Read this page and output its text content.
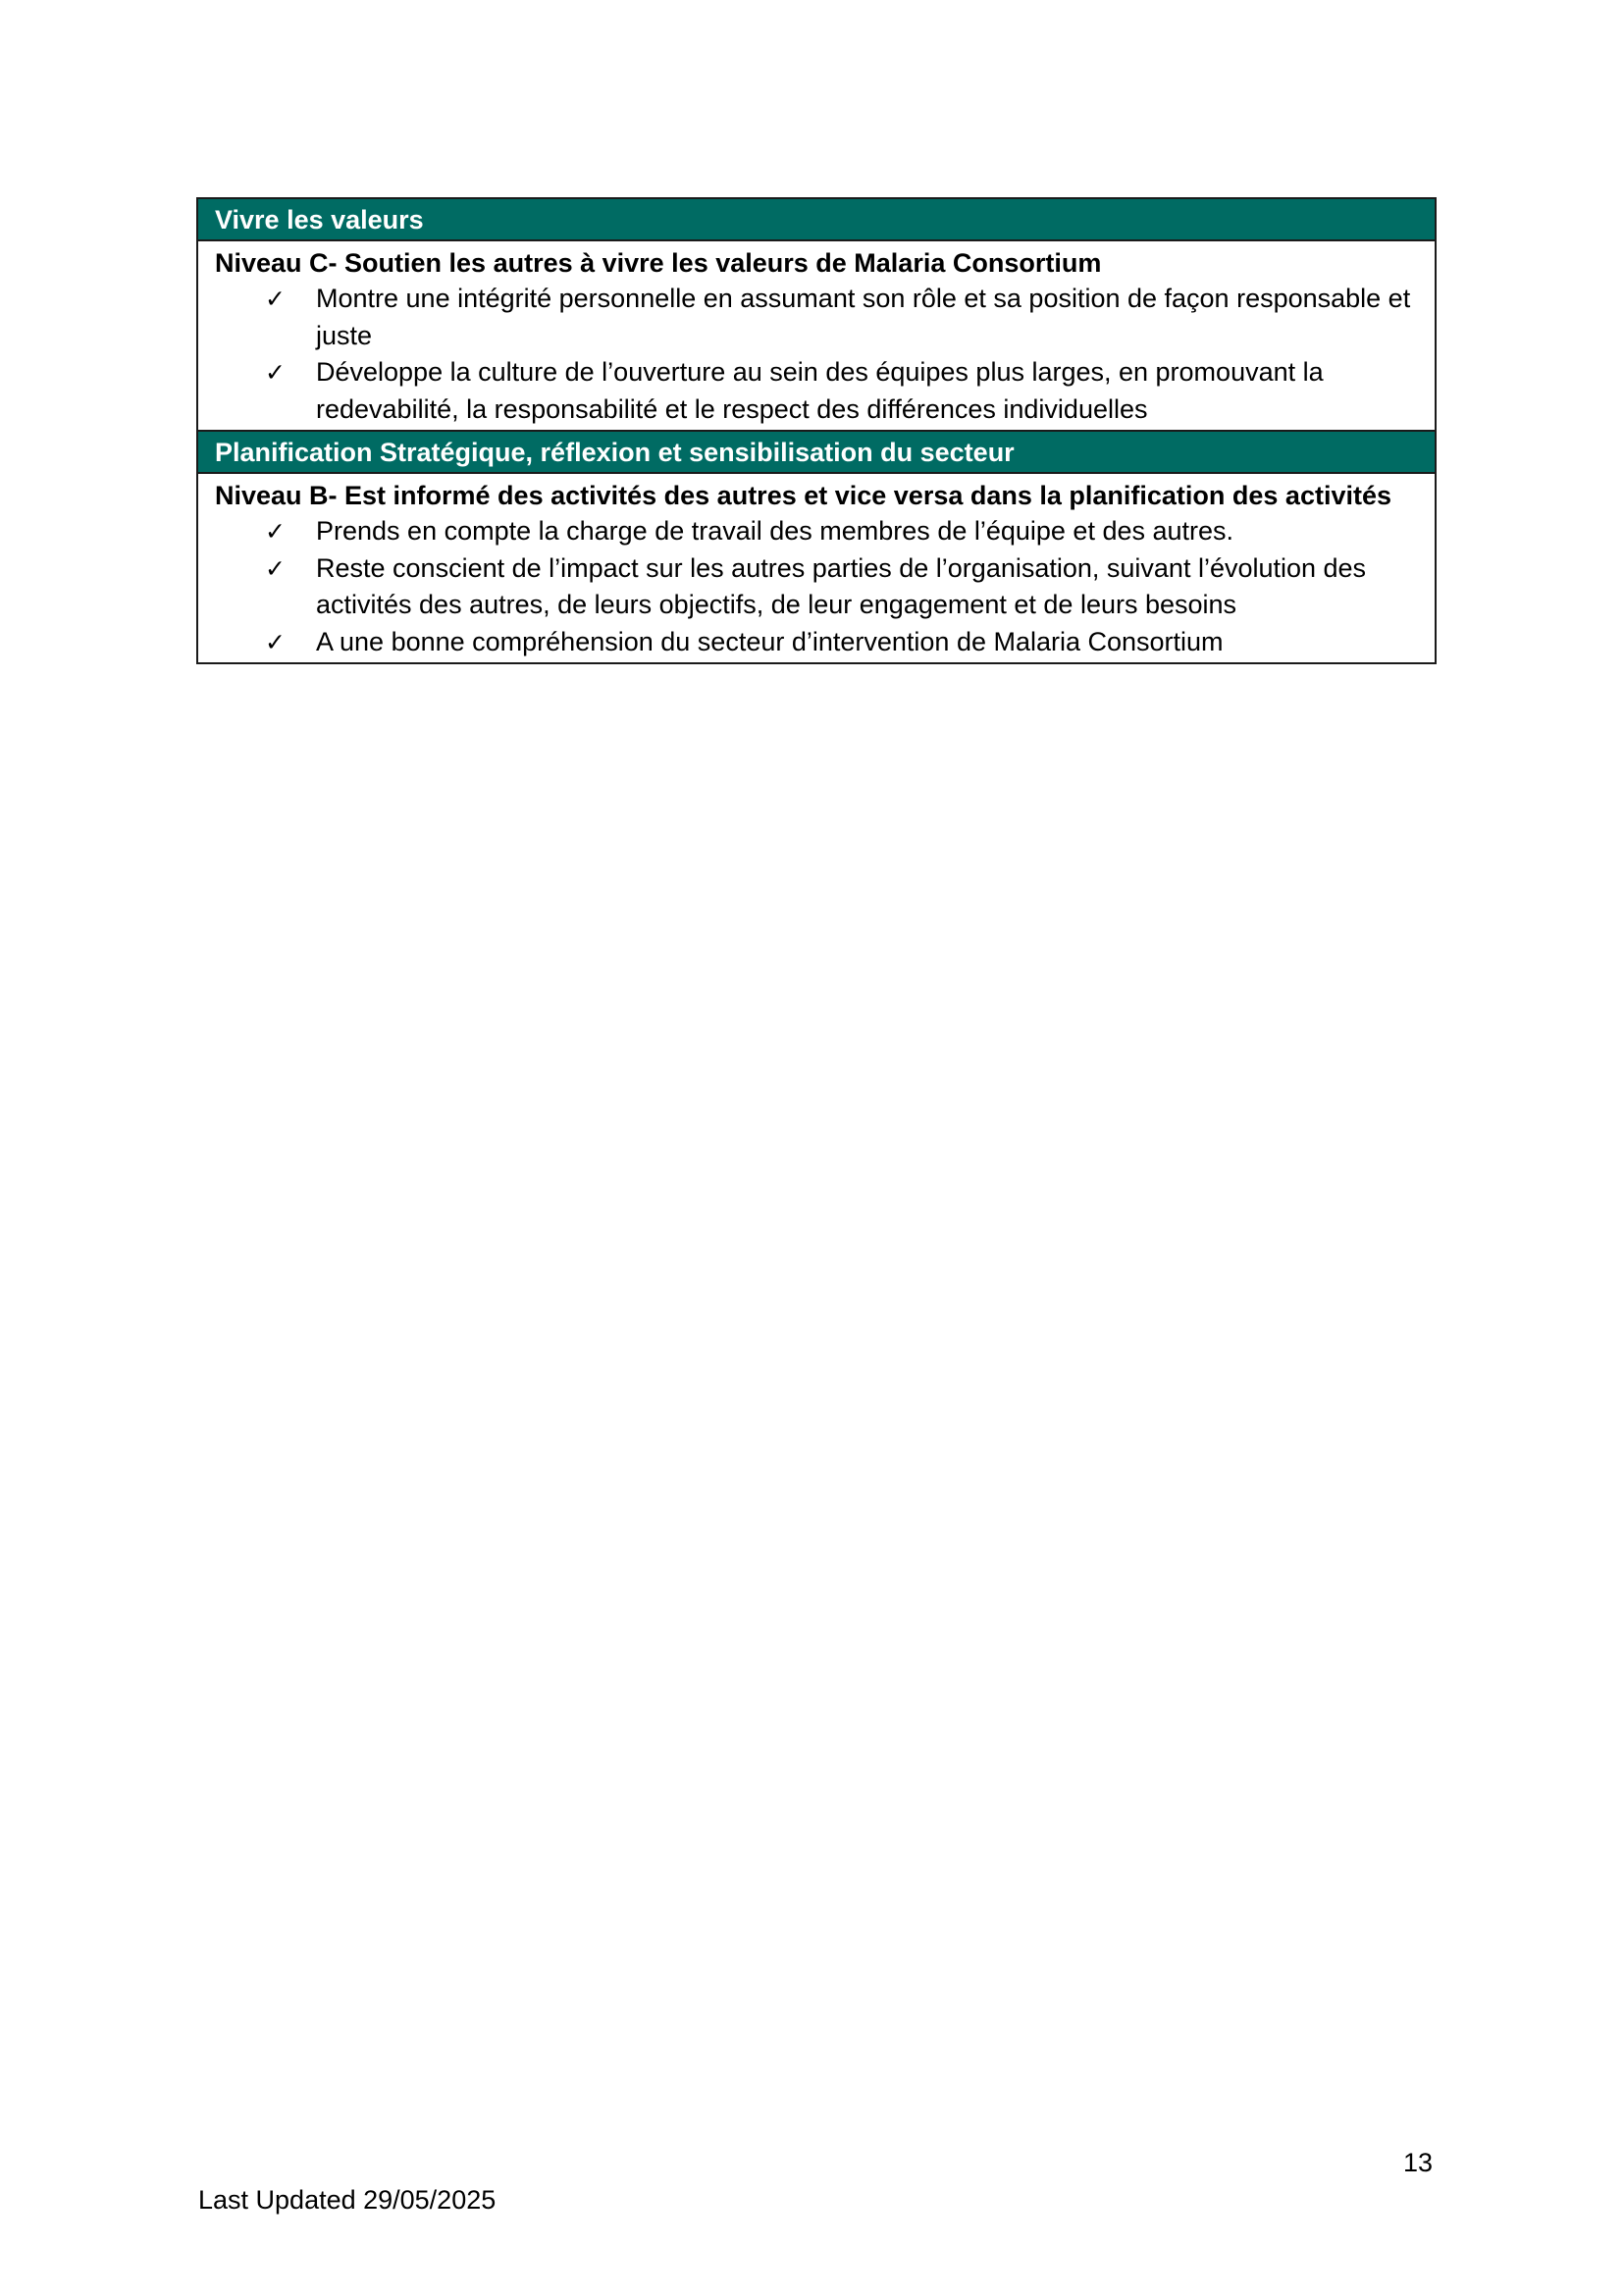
Vivre les valeurs
Niveau C- Soutien les autres à vivre les valeurs de Malaria Consortium
✓ Montre une intégrité personnelle en assumant son rôle et sa position de façon responsable et juste
✓ Développe la culture de l’ouverture au sein des équipes plus larges, en promouvant la redevabilité, la responsabilité et le respect des différences individuelles
Planification Stratégique, réflexion et sensibilisation du secteur
Niveau B- Est informé des activités des autres et vice versa dans la planification des activités
✓ Prends en compte la charge de travail des membres de l’équipe et des autres.
✓ Reste conscient de l’impact sur les autres parties de l’organisation, suivant l’évolution des activités des autres, de leurs objectifs, de leur engagement et de leurs besoins
✓ A une bonne compréhension du secteur d’intervention de Malaria Consortium
13
Last Updated 29/05/2025
